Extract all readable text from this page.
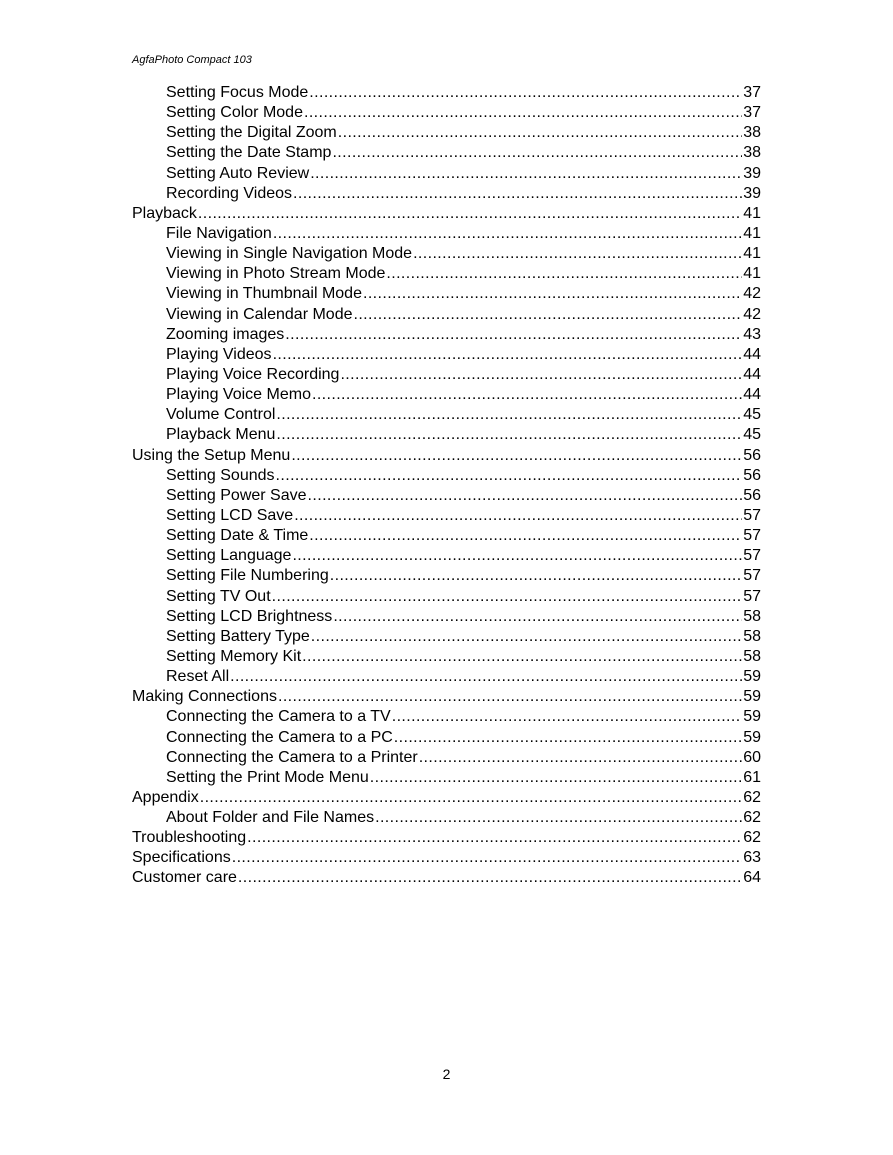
AgfaPhoto Compact 103
Setting Focus Mode .....	37
Setting Color Mode .....	37
Setting the Digital Zoom .....	38
Setting the Date Stamp .....	38
Setting Auto Review .....	39
Recording Videos .....	39
Playback .....	41
File Navigation .....	41
Viewing in Single Navigation Mode .....	41
Viewing in Photo Stream Mode .....	41
Viewing in Thumbnail Mode .....	42
Viewing in Calendar Mode .....	42
Zooming images .....	43
Playing Videos .....	44
Playing Voice Recording .....	44
Playing Voice Memo .....	44
Volume Control .....	45
Playback Menu .....	45
Using the Setup Menu .....	56
Setting Sounds .....	56
Setting Power Save .....	56
Setting LCD Save .....	57
Setting Date & Time .....	57
Setting Language .....	57
Setting File Numbering .....	57
Setting TV Out .....	57
Setting LCD Brightness .....	58
Setting Battery Type .....	58
Setting Memory Kit .....	58
Reset All .....	59
Making Connections .....	59
Connecting the Camera to a TV .....	59
Connecting the Camera to a PC .....	59
Connecting the Camera to a Printer .....	60
Setting the Print Mode Menu .....	61
Appendix .....	62
About Folder and File Names .....	62
Troubleshooting .....	62
Specifications .....	63
Customer care .....	64
2
